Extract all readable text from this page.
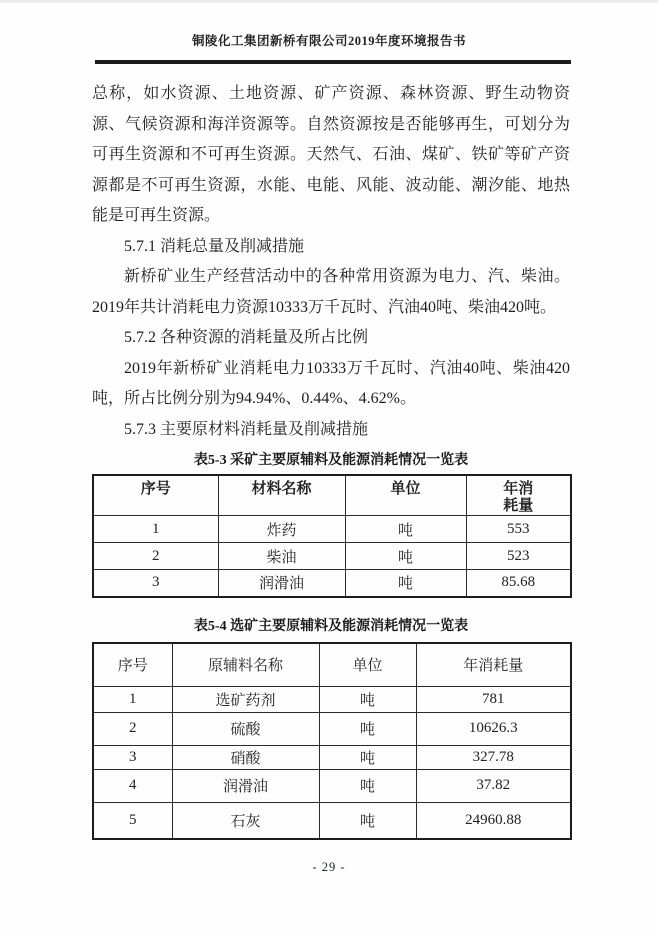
铜陵化工集团新桥有限公司2019年度环境报告书

总称，如水资源、土地资源、矿产资源、森林资源、野生动物资源、气候资源和海洋资源等。自然资源按是否能够再生，可划分为可再生资源和不可再生资源。天然气、石油、煤矿、铁矿等矿产资源都是不可再生资源，水能、电能、风能、波动能、潮汐能、地热能是可再生资源。

5.7.1 消耗总量及削减措施

新桥矿业生产经营活动中的各种常用资源为电力、汽、柴油。2019年共计消耗电力资源10333万千瓦时、汽油40吨、柴油420吨。

5.7.2 各种资源的消耗量及所占比例

2019年新桥矿业消耗电力10333万千瓦时、汽油40吨、柴油420吨，所占比例分别为94.94%、0.44%、4.62%。

5.7.3 主要原材料消耗量及削减措施

表5-3 采矿主要原辅料及能源消耗情况一览表
序号	材料名称	单位	年消耗量
1	炸药	吨	553
2	柴油	吨	523
3	润滑油	吨	85.68
表5-4 选矿主要原辅料及能源消耗情况一览表
序号	原辅料名称	单位	年消耗量
1	选矿药剂	吨	781
2	硫酸	吨	10626.3
3	硝酸	吨	327.78
4	润滑油	吨	37.82
5	石灰	吨	24960.88
- 29 -
